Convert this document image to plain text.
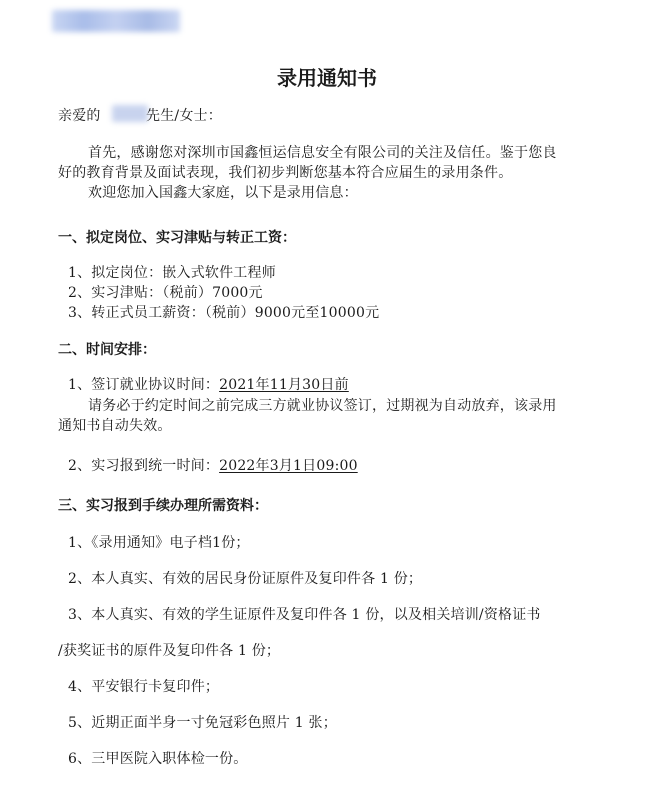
录用通知书
亲爱的	先生/女士：
首先，感谢您对深圳市国鑫恒运信息安全有限公司的关注及信任。鉴于您良
好的教育背景及面试表现，我们初步判断您基本符合应届生的录用条件。
欢迎您加入国鑫大家庭，以下是录用信息：
一、拟定岗位、实习津贴与转正工资：
1、拟定岗位：嵌入式软件工程师
2、实习津贴：（税前）7000元
3、转正式员工薪资：（税前）9000元至10000元
二、时间安排：
1、签订就业协议时间：2021年11月30日前
请务必于约定时间之前完成三方就业协议签订，过期视为自动放弃，该录用
通知书自动失效。
2、实习报到统一时间：2022年3月1日09:00
三、实习报到手续办理所需资料：
1、《录用通知》电子档1份；
2、本人真实、有效的居民身份证原件及复印件各 1 份；
3、本人真实、有效的学生证原件及复印件各 1 份，以及相关培训/资格证书
/获奖证书的原件及复印件各 1 份；
4、平安银行卡复印件；
5、近期正面半身一寸免冠彩色照片 1 张；
6、三甲医院入职体检一份。
